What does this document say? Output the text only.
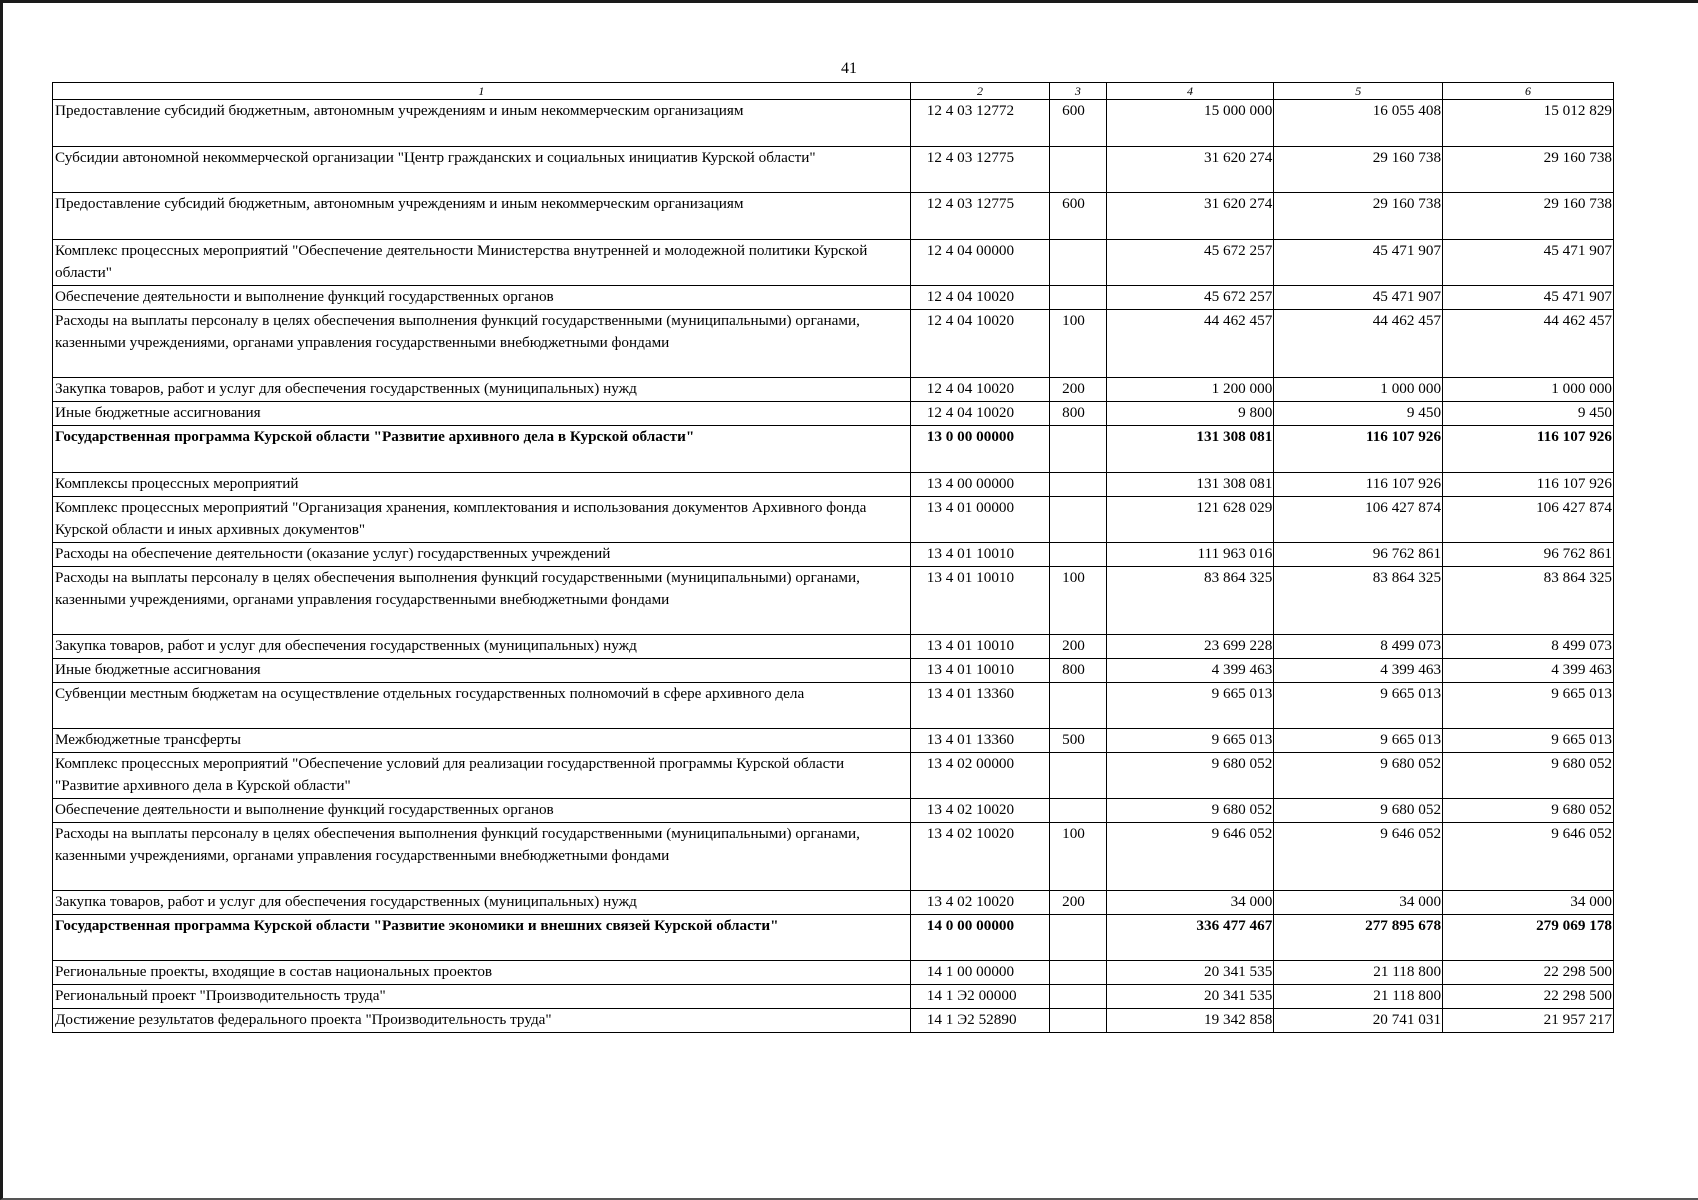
41
1	2	3	4	5	6
Предоставление субсидий бюджетным, автономным учреждениям и иным некоммерческим организациям	12 4 03 12772	600	15 000 000	16 055 408	15 012 829
Субсидии автономной некоммерческой организации "Центр гражданских и социальных инициатив Курской области"	12 4 03 12775		31 620 274	29 160 738	29 160 738
Предоставление субсидий бюджетным, автономным учреждениям и иным некоммерческим организациям	12 4 03 12775	600	31 620 274	29 160 738	29 160 738
Комплекс процессных мероприятий "Обеспечение деятельности Министерства внутренней и молодежной политики Курской области"	12 4 04 00000		45 672 257	45 471 907	45 471 907
Обеспечение деятельности и выполнение функций государственных органов	12 4 04 10020		45 672 257	45 471 907	45 471 907
Расходы на выплаты персоналу в целях обеспечения выполнения функций государственными (муниципальными) органами, казенными учреждениями, органами управления государственными внебюджетными фондами	12 4 04 10020	100	44 462 457	44 462 457	44 462 457
Закупка товаров, работ и услуг для обеспечения государственных (муниципальных) нужд	12 4 04 10020	200	1 200 000	1 000 000	1 000 000
Иные бюджетные ассигнования	12 4 04 10020	800	9 800	9 450	9 450
Государственная программа Курской области "Развитие архивного дела в Курской области"	13 0 00 00000		131 308 081	116 107 926	116 107 926
Комплексы процессных мероприятий	13 4 00 00000		131 308 081	116 107 926	116 107 926
Комплекс процессных мероприятий "Организация хранения, комплектования и использования документов Архивного фонда Курской области и иных архивных документов"	13 4 01 00000		121 628 029	106 427 874	106 427 874
Расходы на обеспечение деятельности (оказание услуг) государственных учреждений	13 4 01 10010		111 963 016	96 762 861	96 762 861
Расходы на выплаты персоналу в целях обеспечения выполнения функций государственными (муниципальными) органами, казенными учреждениями, органами управления государственными внебюджетными фондами	13 4 01 10010	100	83 864 325	83 864 325	83 864 325
Закупка товаров, работ и услуг для обеспечения государственных (муниципальных) нужд	13 4 01 10010	200	23 699 228	8 499 073	8 499 073
Иные бюджетные ассигнования	13 4 01 10010	800	4 399 463	4 399 463	4 399 463
Субвенции местным бюджетам на осуществление отдельных государственных полномочий в сфере архивного дела	13 4 01 13360		9 665 013	9 665 013	9 665 013
Межбюджетные трансферты	13 4 01 13360	500	9 665 013	9 665 013	9 665 013
Комплекс процессных мероприятий "Обеспечение условий для реализации государственной программы Курской области "Развитие архивного дела в Курской области"	13 4 02 00000		9 680 052	9 680 052	9 680 052
Обеспечение деятельности и выполнение функций государственных органов	13 4 02 10020		9 680 052	9 680 052	9 680 052
Расходы на выплаты персоналу в целях обеспечения выполнения функций государственными (муниципальными) органами, казенными учреждениями, органами управления государственными внебюджетными фондами	13 4 02 10020	100	9 646 052	9 646 052	9 646 052
Закупка товаров, работ и услуг для обеспечения государственных (муниципальных) нужд	13 4 02 10020	200	34 000	34 000	34 000
Государственная программа Курской области "Развитие экономики и внешних связей Курской области"	14 0 00 00000		336 477 467	277 895 678	279 069 178
Региональные проекты, входящие в состав национальных проектов	14 1 00 00000		20 341 535	21 118 800	22 298 500
Региональный проект "Производительность труда"	14 1 Э2 00000		20 341 535	21 118 800	22 298 500
Достижение результатов федерального проекта "Производительность труда"	14 1 Э2 52890		19 342 858	20 741 031	21 957 217
